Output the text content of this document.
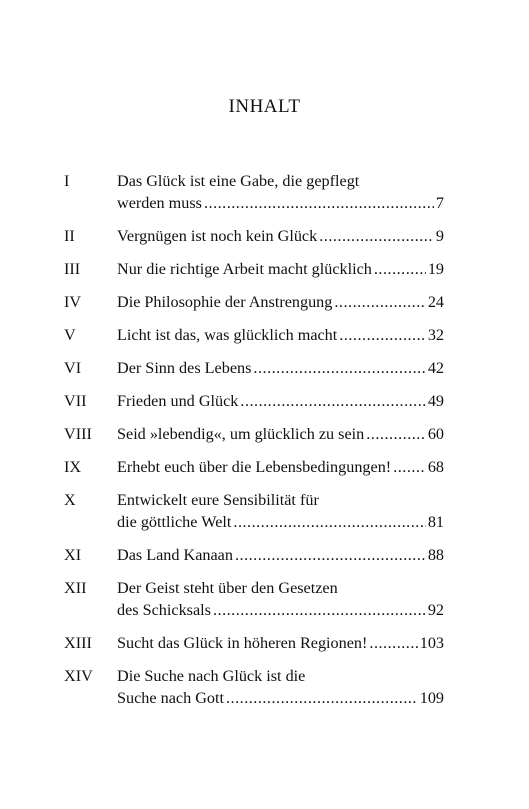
INHALT
I	Das Glück ist eine Gabe, die gepflegt
werden muss .....	7
II	Vergnügen ist noch kein Glück .....	9
III	Nur die richtige Arbeit macht glücklich .....	19
IV	Die Philosophie der Anstrengung .....	24
V	Licht ist das, was glücklich macht .....	32
VI	Der Sinn des Lebens .....	42
VII	Frieden und Glück .....	49
VIII	Seid »lebendig«, um glücklich zu sein .....	60
IX	Erhebt euch über die Lebensbedingungen! ..... 68
X	Entwickelt eure Sensibilität für
die göttliche Welt .....	81
XI	Das Land Kanaan .....	88
XII	Der Geist steht über den Gesetzen
des Schicksals .....	92
XIII	Sucht das Glück in höheren Regionen! .....	103
XIV	Die Suche nach Glück ist die
Suche nach Gott .....	109
